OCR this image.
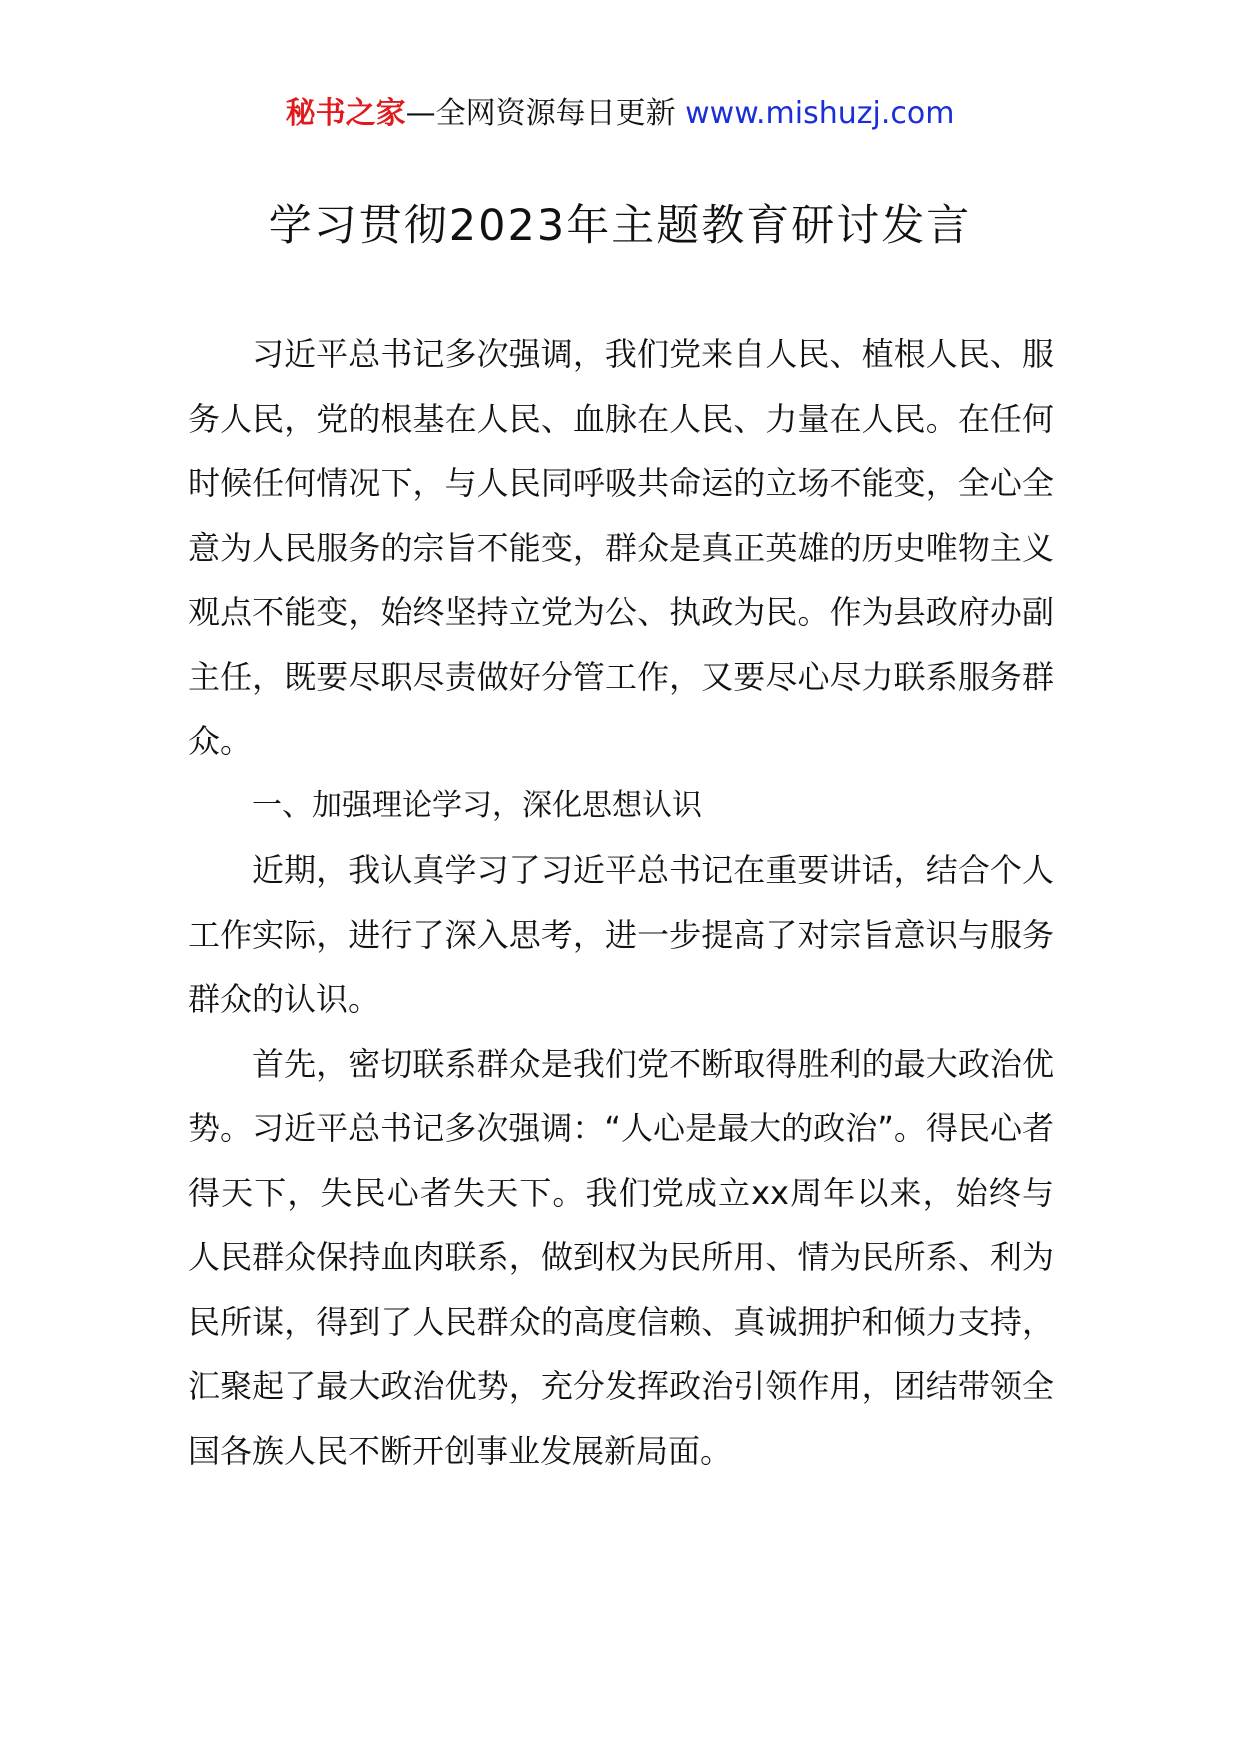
秘书之家—全网资源每日更新 www.mishuzj.com
学习贯彻2023年主题教育研讨发言

习近平总书记多次强调，我们党来自人民、植根人民、服务人民，党的根基在人民、血脉在人民、力量在人民。在任何时候任何情况下，与人民同呼吸共命运的立场不能变，全心全意为人民服务的宗旨不能变，群众是真正英雄的历史唯物主义观点不能变，始终坚持立党为公、执政为民。作为县政府办副主任，既要尽职尽责做好分管工作，又要尽心尽力联系服务群众。

一、加强理论学习，深化思想认识

近期，我认真学习了习近平总书记在重要讲话，结合个人工作实际，进行了深入思考，进一步提高了对宗旨意识与服务群众的认识。

首先，密切联系群众是我们党不断取得胜利的最大政治优势。习近平总书记多次强调：“人心是最大的政治”。得民心者得天下，失民心者失天下。我们党成立xx周年以来，始终与人民群众保持血肉联系，做到权为民所用、情为民所系、利为民所谋，得到了人民群众的高度信赖、真诚拥护和倾力支持，汇聚起了最大政治优势，充分发挥政治引领作用，团结带领全国各族人民不断开创事业发展新局面。
